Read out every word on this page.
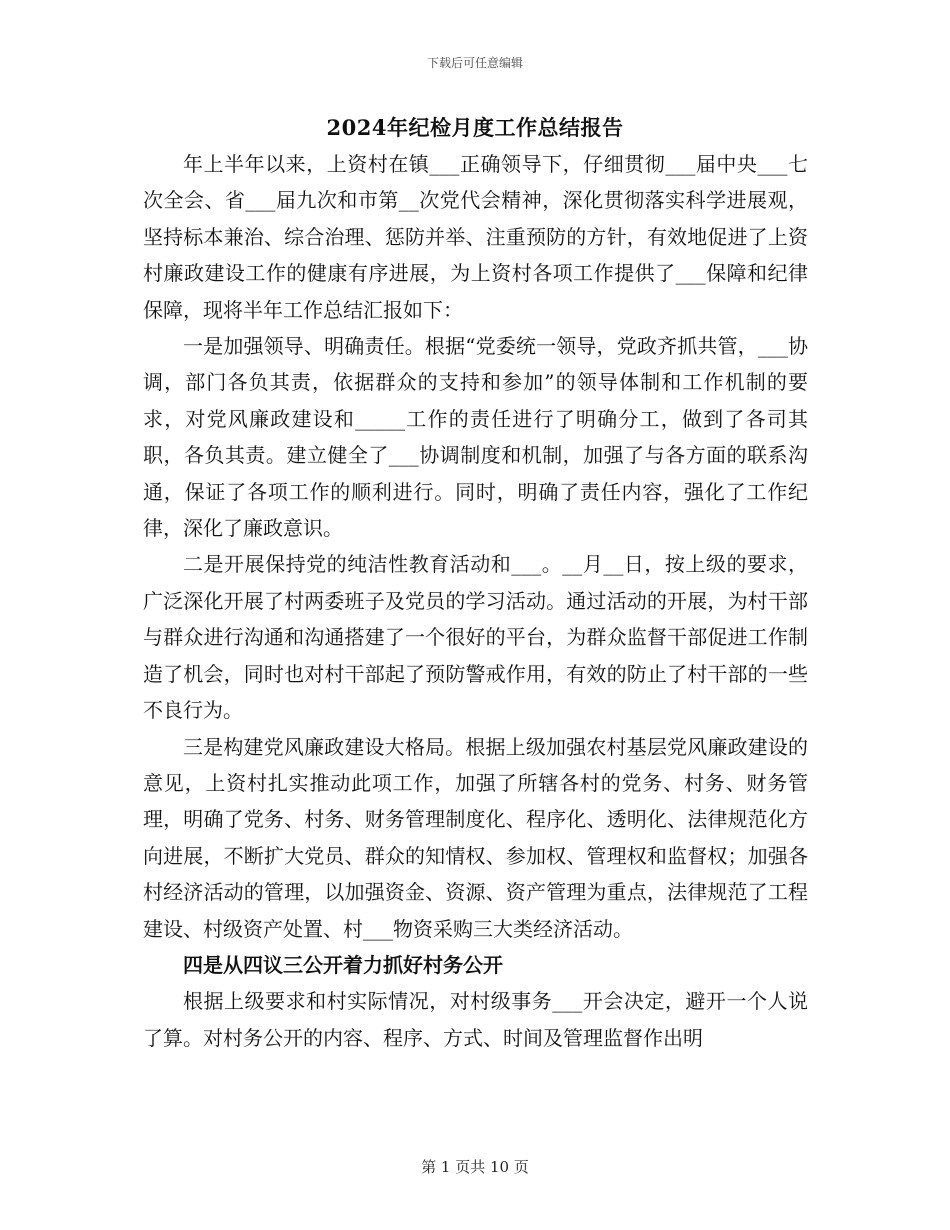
下载后可任意编辑
2024年纪检月度工作总结报告

年上半年以来，上资村在镇___正确领导下，仔细贯彻___届中央___七次全会、省___届九次和市第__次党代会精神，深化贯彻落实科学进展观，坚持标本兼治、综合治理、惩防并举、注重预防的方针，有效地促进了上资村廉政建设工作的健康有序进展，为上资村各项工作提供了___保障和纪律保障，现将半年工作总结汇报如下：

一是加强领导、明确责任。根据“党委统一领导，党政齐抓共管，___协调，部门各负其责，依据群众的支持和参加”的领导体制和工作机制的要求，对党风廉政建设和_____工作的责任进行了明确分工，做到了各司其职，各负其责。建立健全了___协调制度和机制，加强了与各方面的联系沟通，保证了各项工作的顺利进行。同时，明确了责任内容，强化了工作纪律，深化了廉政意识。

二是开展保持党的纯洁性教育活动和___。__月__日，按上级的要求，广泛深化开展了村两委班子及党员的学习活动。通过活动的开展，为村干部与群众进行沟通和沟通搭建了一个很好的平台，为群众监督干部促进工作制造了机会，同时也对村干部起了预防警戒作用，有效的防止了村干部的一些不良行为。

三是构建党风廉政建设大格局。根据上级加强农村基层党风廉政建设的意见，上资村扎实推动此项工作，加强了所辖各村的党务、村务、财务管理，明确了党务、村务、财务管理制度化、程序化、透明化、法律规范化方向进展，不断扩大党员、群众的知情权、参加权、管理权和监督权；加强各村经济活动的管理，以加强资金、资源、资产管理为重点，法律规范了工程建设、村级资产处置、村___物资采购三大类经济活动。

四是从四议三公开着力抓好村务公开

根据上级要求和村实际情况，对村级事务___开会决定，避开一个人说了算。对村务公开的内容、程序、方式、时间及管理监督作出明

第 1 页共 10 页
